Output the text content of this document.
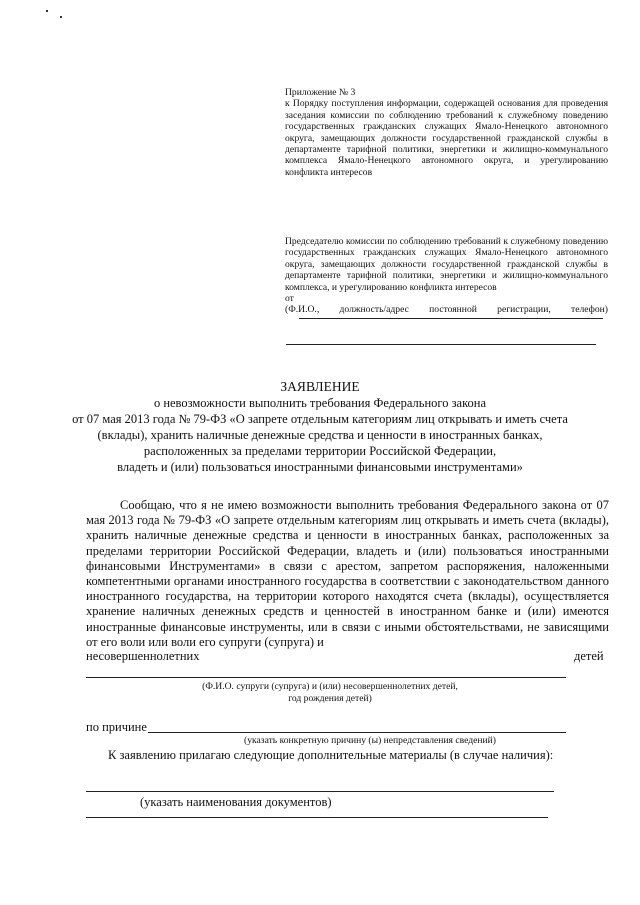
Приложение № 3

к Порядку поступления информации, содержащей основания для проведения заседания комиссии по соблюдению требований к служебному поведению государственных гражданских служащих Ямало-Ненецкого автономного округа, замещающих должности государственной гражданской службы в департаменте тарифной политики, энергетики и жилищно-коммунального комплекса Ямало-Ненецкого автономного округа, и урегулированию конфликта интересов

Председателю комиссии по соблюдению требований к служебному поведению государственных гражданских служащих Ямало-Ненецкого автономного округа, замещающих должности государственной гражданской службы в департаменте тарифной политики, энергетики и жилищно-коммунального комплекса, и урегулированию конфликта интересов

от

(Ф.И.О., должность/адрес постоянной регистрации, телефон)

ЗАЯВЛЕНИЕ
о невозможности выполнить требования Федерального закона
от 07 мая 2013 года № 79-ФЗ «О запрете отдельным категориям лиц открывать и иметь счета
(вклады), хранить наличные денежные средства и ценности в иностранных банках,
расположенных за пределами территории Российской Федерации,
владеть и (или) пользоваться иностранными финансовыми инструментами»

Сообщаю, что я не имею возможности выполнить требования Федерального закона от 07 мая 2013 года № 79-ФЗ «О запрете отдельным категориям лиц открывать и иметь счета (вклады), хранить наличные денежные средства и ценности в иностранных банках, расположенных за пределами территории Российской Федерации, владеть и (или) пользоваться иностранными финансовыми Инструментами» в связи с арестом, запретом распоряжения, наложенными компетентными органами иностранного государства в соответствии с законодательством данного иностранного государства, на территории которого находятся счета (вклады), осуществляется хранение наличных денежных средств и ценностей в иностранном банке и (или) имеются иностранные финансовые инструменты, или в связи с иными обстоятельствами, не зависящими от его воли или воли его супруги (супруга) и

несовершеннолетних	детей
(Ф.И.О. супруги (супруга) и (или) несовершеннолетних детей,
год рождения детей)
по причине
(указать конкретную причину (ы) непредставления сведений)
К заявлению прилагаю следующие дополнительные материалы (в случае наличия):
(указать наименования документов)
